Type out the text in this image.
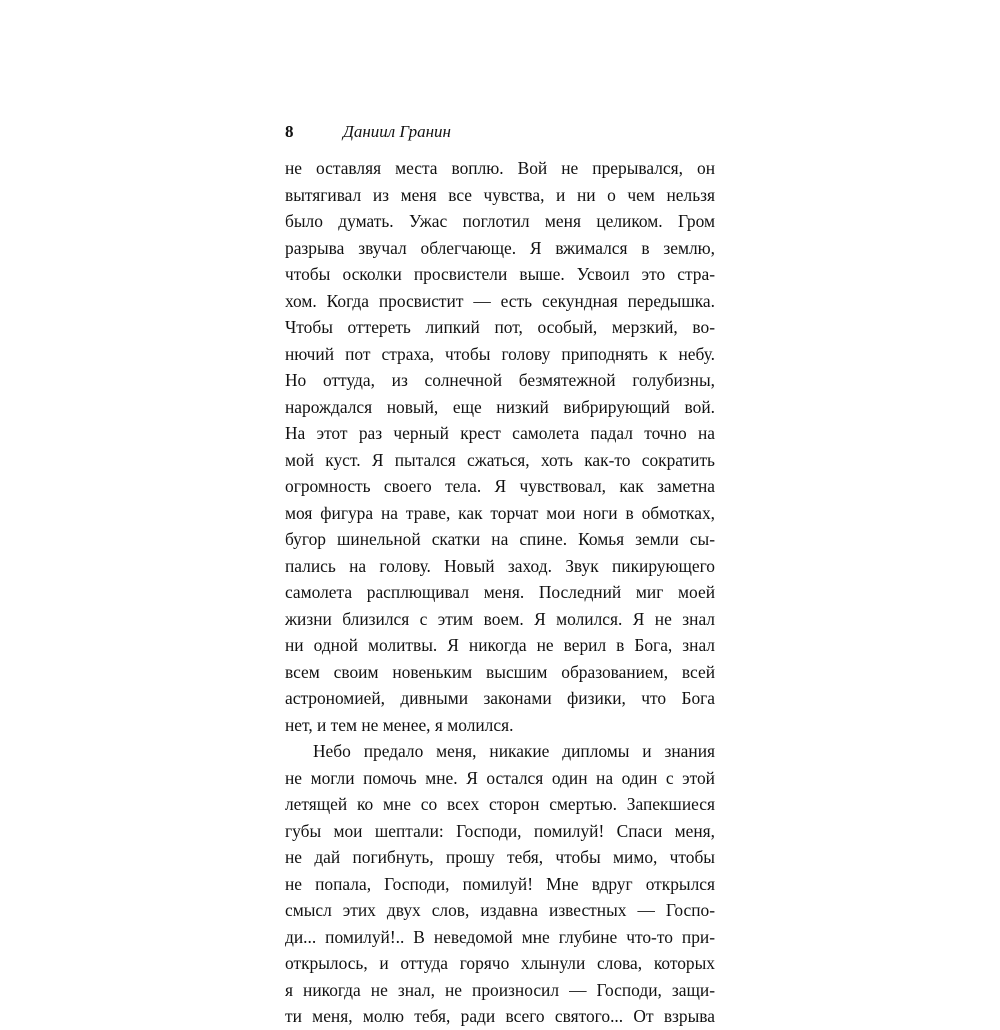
8	Даниил Гранин
не оставляя места воплю. Вой не прерывался, он
вытягивал из меня все чувства, и ни о чем нельзя
было думать. Ужас поглотил меня целиком. Гром
разрыва звучал облегчающе. Я вжимался в землю,
чтобы осколки просвистели выше. Усвоил это стра-
хом. Когда просвистит — есть секундная передышка.
Чтобы оттереть липкий пот, особый, мерзкий, во-
нючий пот страха, чтобы голову приподнять к небу.
Но оттуда, из солнечной безмятежной голубизны,
нарождался новый, еще низкий вибрирующий вой.
На этот раз черный крест самолета падал точно на
мой куст. Я пытался сжаться, хоть как-то сократить
огромность своего тела. Я чувствовал, как заметна
моя фигура на траве, как торчат мои ноги в обмотках,
бугор шинельной скатки на спине. Комья земли сы-
пались на голову. Новый заход. Звук пикирующего
самолета расплющивал меня. Последний миг моей
жизни близился с этим воем. Я молился. Я не знал
ни одной молитвы. Я никогда не верил в Бога, знал
всем своим новеньким высшим образованием, всей
астрономией, дивными законами физики, что Бога
нет, и тем не менее, я молился.
Небо предало меня, никакие дипломы и знания
не могли помочь мне. Я остался один на один с этой
летящей ко мне со всех сторон смертью. Запекшиеся
губы мои шептали: Господи, помилуй! Спаси меня,
не дай погибнуть, прошу тебя, чтобы мимо, чтобы
не попала, Господи, помилуй! Мне вдруг открылся
смысл этих двух слов, издавна известных — Госпо-
ди... помилуй!.. В неведомой мне глубине что-то при-
открылось, и оттуда горячо хлынули слова, которых
я никогда не знал, не произносил — Господи, защи-
ти меня, молю тебя, ради всего святого... От взрыва
